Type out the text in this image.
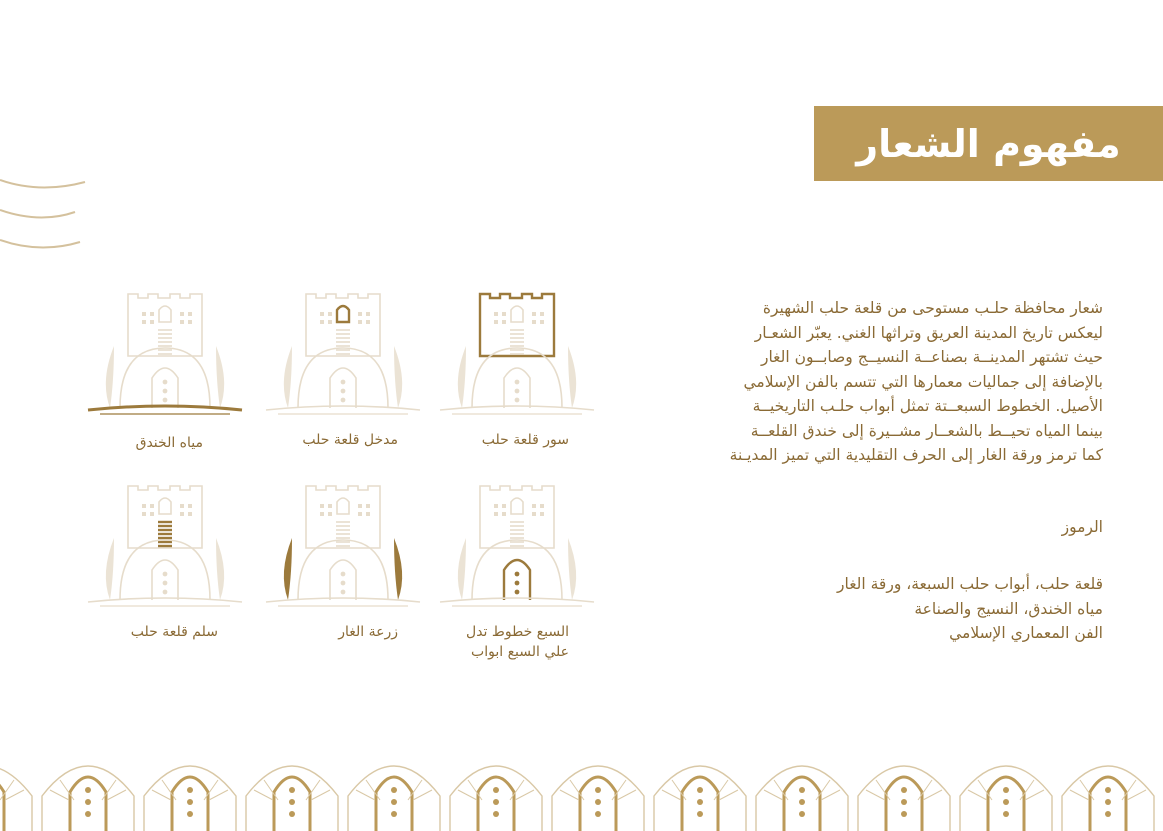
مفهوم الشعار

شعار محافظة حلـب مستوحى من قلعة حلب الشهيرة

ليعكس تاريخ المدينة العريق وتراثها الغني. يعبّر الشعـار

حيث تشتهر المدينــة بصناعــة النسيــج وصابــون الغار

بالإضافة إلى جماليات معمارها التي تتسم بالفن الإسلامي

الأصيل. الخطوط السبعــتة تمثل أبواب حلـب التاريخيــة

بينما المياه تحيــط بالشعــار مشــيرة إلى خندق القلعــة

كما ترمز ورقة الغار إلى الحرف التقليدية التي تميز المديـنة

الرموز
قلعة حلب، أبواب حلب السبعة، ورقة الغار
مياه الخندق، النسيج والصناعة
الفن المعماري الإسلامي
سور قلعة حلب
مدخل قلعة حلب
مياه الخندق
السبع خطوط تدل علي السبع ابواب
زرعة الغار
سلم قلعة حلب
